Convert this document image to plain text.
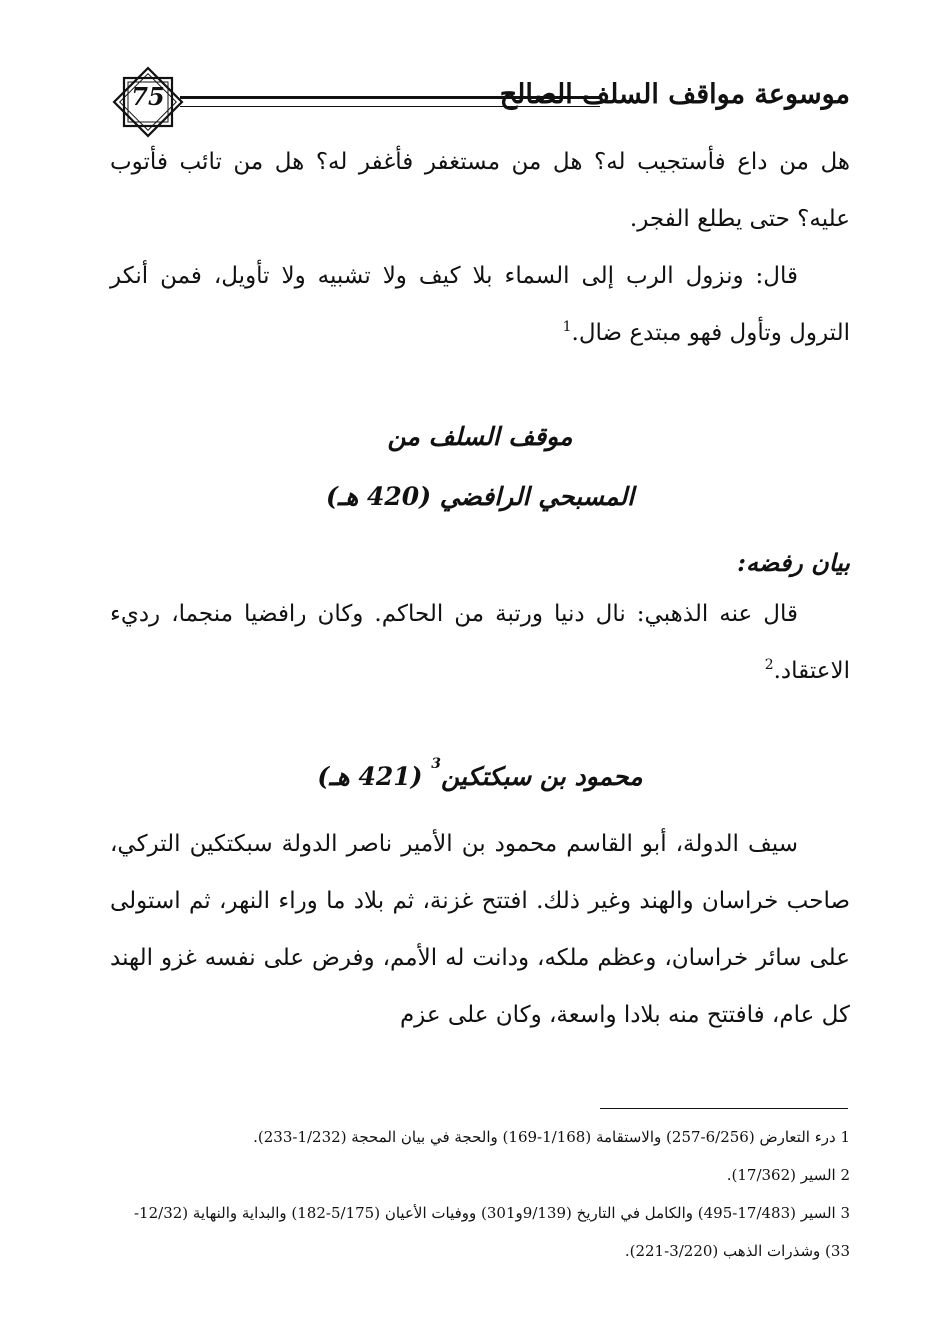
75	موسوعة مواقف السلف الصالح
هل من داع فأستجيب له؟ هل من مستغفر فأغفر له؟ هل من تائب فأتوب عليه؟ حتى يطلع الفجر.
قال: ونزول الرب إلى السماء بلا كيف ولا تشبيه ولا تأويل، فمن أنكر الترول وتأول فهو مبتدع ضال.$^1$
موقف السلف من
المسبحي الرافضي (420 هـ)
بيان رفضه:
قال عنه الذهبي: نال دنيا ورتبة من الحاكم. وكان رافضيا منجما، رديء الاعتقاد.$^2$
محمود بن سبكتكين$^3$ (421 هـ)
سيف الدولة، أبو القاسم محمود بن الأمير ناصر الدولة سبكتكين التركي، صاحب خراسان والهند وغير ذلك. افتتح غزنة، ثم بلاد ما وراء النهر، ثم استولى على سائر خراسان، وعظم ملكه، ودانت له الأمم، وفرض على نفسه غزو الهند كل عام، فافتتح منه بلادا واسعة، وكان على عزم
1 درء التعارض (6/256-257) والاستقامة (1/168-169) والحجة في بيان المحجة (1/232-233).
2 السير (17/362).
3 السير (17/483-495) والكامل في التاريخ (9/139و301) ووفيات الأعيان (5/175-182) والبداية والنهاية (12/32-33) وشذرات الذهب (3/220-221).
